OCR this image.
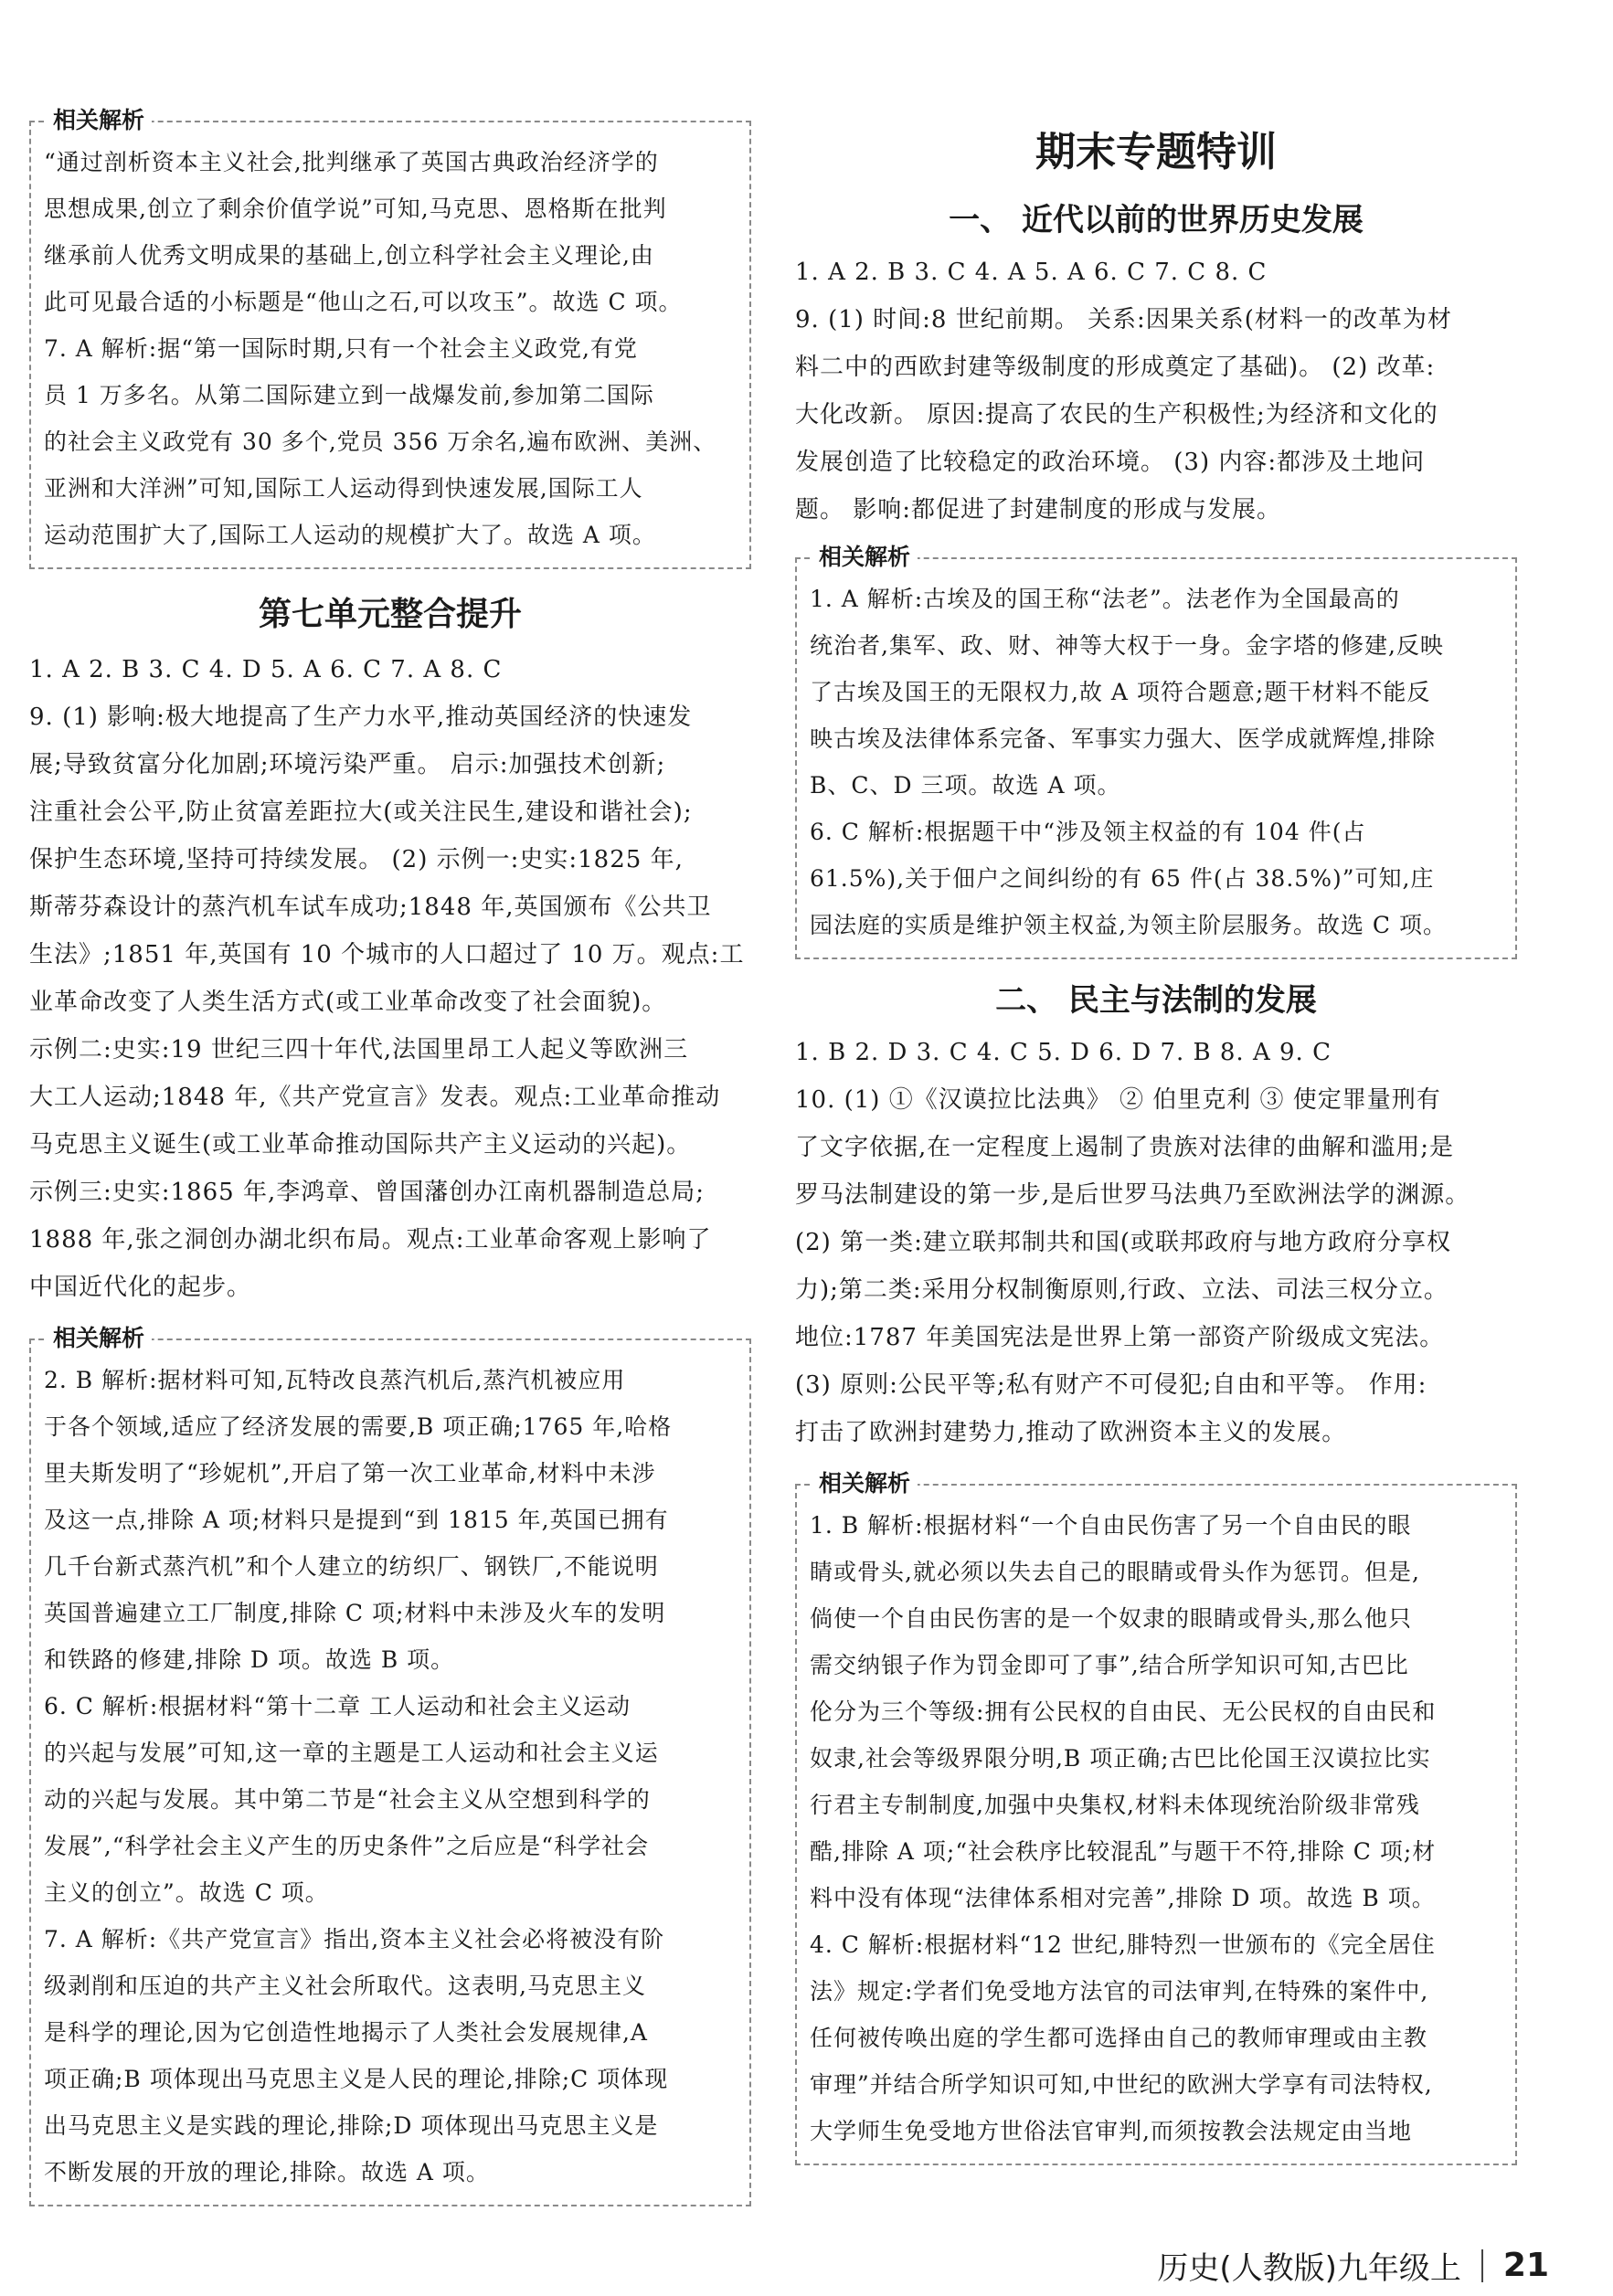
相关解析
“通过剖析资本主义社会,批判继承了英国古典政治经济学的
思想成果,创立了剩余价值学说”可知,马克思、恩格斯在批判
继承前人优秀文明成果的基础上,创立科学社会主义理论,由
此可见最合适的小标题是“他山之石,可以攻玉”。故选 C 项。
7. A 解析:据“第一国际时期,只有一个社会主义政党,有党
员 1 万多名。从第二国际建立到一战爆发前,参加第二国际
的社会主义政党有 30 多个,党员 356 万余名,遍布欧洲、美洲、
亚洲和大洋洲”可知,国际工人运动得到快速发展,国际工人
运动范围扩大了,国际工人运动的规模扩大了。故选 A 项。
第七单元整合提升
1. A 2. B 3. C 4. D 5. A 6. C 7. A 8. C
9. (1) 影响:极大地提高了生产力水平,推动英国经济的快速发
展;导致贫富分化加剧;环境污染严重。 启示:加强技术创新;
注重社会公平,防止贫富差距拉大(或关注民生,建设和谐社会);
保护生态环境,坚持可持续发展。 (2) 示例一:史实:1825 年,
斯蒂芬森设计的蒸汽机车试车成功;1848 年,英国颁布《公共卫
生法》;1851 年,英国有 10 个城市的人口超过了 10 万。观点:工
业革命改变了人类生活方式(或工业革命改变了社会面貌)。
示例二:史实:19 世纪三四十年代,法国里昂工人起义等欧洲三
大工人运动;1848 年,《共产党宣言》发表。观点:工业革命推动
马克思主义诞生(或工业革命推动国际共产主义运动的兴起)。
示例三:史实:1865 年,李鸿章、曾国藩创办江南机器制造总局;
1888 年,张之洞创办湖北织布局。观点:工业革命客观上影响了
中国近代化的起步。
相关解析
2. B 解析:据材料可知,瓦特改良蒸汽机后,蒸汽机被应用
于各个领域,适应了经济发展的需要,B 项正确;1765 年,哈格
里夫斯发明了“珍妮机”,开启了第一次工业革命,材料中未涉
及这一点,排除 A 项;材料只是提到“到 1815 年,英国已拥有
几千台新式蒸汽机”和个人建立的纺织厂、钢铁厂,不能说明
英国普遍建立工厂制度,排除 C 项;材料中未涉及火车的发明
和铁路的修建,排除 D 项。故选 B 项。
6. C 解析:根据材料“第十二章 工人运动和社会主义运动
的兴起与发展”可知,这一章的主题是工人运动和社会主义运
动的兴起与发展。其中第二节是“社会主义从空想到科学的
发展”,“科学社会主义产生的历史条件”之后应是“科学社会
主义的创立”。故选 C 项。
7. A 解析:《共产党宣言》指出,资本主义社会必将被没有阶
级剥削和压迫的共产主义社会所取代。这表明,马克思主义
是科学的理论,因为它创造性地揭示了人类社会发展规律,A
项正确;B 项体现出马克思主义是人民的理论,排除;C 项体现
出马克思主义是实践的理论,排除;D 项体现出马克思主义是
不断发展的开放的理论,排除。故选 A 项。
期末专题特训
一、 近代以前的世界历史发展
1. A 2. B 3. C 4. A 5. A 6. C 7. C 8. C
9. (1) 时间:8 世纪前期。 关系:因果关系(材料一的改革为材
料二中的西欧封建等级制度的形成奠定了基础)。 (2) 改革:
大化改新。 原因:提高了农民的生产积极性;为经济和文化的
发展创造了比较稳定的政治环境。 (3) 内容:都涉及土地问
题。 影响:都促进了封建制度的形成与发展。
相关解析
1. A 解析:古埃及的国王称“法老”。法老作为全国最高的
统治者,集军、政、财、神等大权于一身。金字塔的修建,反映
了古埃及国王的无限权力,故 A 项符合题意;题干材料不能反
映古埃及法律体系完备、军事实力强大、医学成就辉煌,排除
B、C、D 三项。故选 A 项。
6. C 解析:根据题干中“涉及领主权益的有 104 件(占
61.5%),关于佃户之间纠纷的有 65 件(占 38.5%)”可知,庄
园法庭的实质是维护领主权益,为领主阶层服务。故选 C 项。
二、 民主与法制的发展
1. B 2. D 3. C 4. C 5. D 6. D 7. B 8. A 9. C
10. (1) ①《汉谟拉比法典》 ② 伯里克利 ③ 使定罪量刑有
了文字依据,在一定程度上遏制了贵族对法律的曲解和滥用;是
罗马法制建设的第一步,是后世罗马法典乃至欧洲法学的渊源。
(2) 第一类:建立联邦制共和国(或联邦政府与地方政府分享权
力);第二类:采用分权制衡原则,行政、立法、司法三权分立。
地位:1787 年美国宪法是世界上第一部资产阶级成文宪法。
(3) 原则:公民平等;私有财产不可侵犯;自由和平等。 作用:
打击了欧洲封建势力,推动了欧洲资本主义的发展。
相关解析
1. B 解析:根据材料“一个自由民伤害了另一个自由民的眼
睛或骨头,就必须以失去自己的眼睛或骨头作为惩罚。但是,
倘使一个自由民伤害的是一个奴隶的眼睛或骨头,那么他只
需交纳银子作为罚金即可了事”,结合所学知识可知,古巴比
伦分为三个等级:拥有公民权的自由民、无公民权的自由民和
奴隶,社会等级界限分明,B 项正确;古巴比伦国王汉谟拉比实
行君主专制制度,加强中央集权,材料未体现统治阶级非常残
酷,排除 A 项;“社会秩序比较混乱”与题干不符,排除 C 项;材
料中没有体现“法律体系相对完善”,排除 D 项。故选 B 项。
4. C 解析:根据材料“12 世纪,腓特烈一世颁布的《完全居住
法》规定:学者们免受地方法官的司法审判,在特殊的案件中,
任何被传唤出庭的学生都可选择由自己的教师审理或由主教
审理”并结合所学知识可知,中世纪的欧洲大学享有司法特权,
大学师生免受地方世俗法官审判,而须按教会法规定由当地
历史(人教版)九年级上 21
